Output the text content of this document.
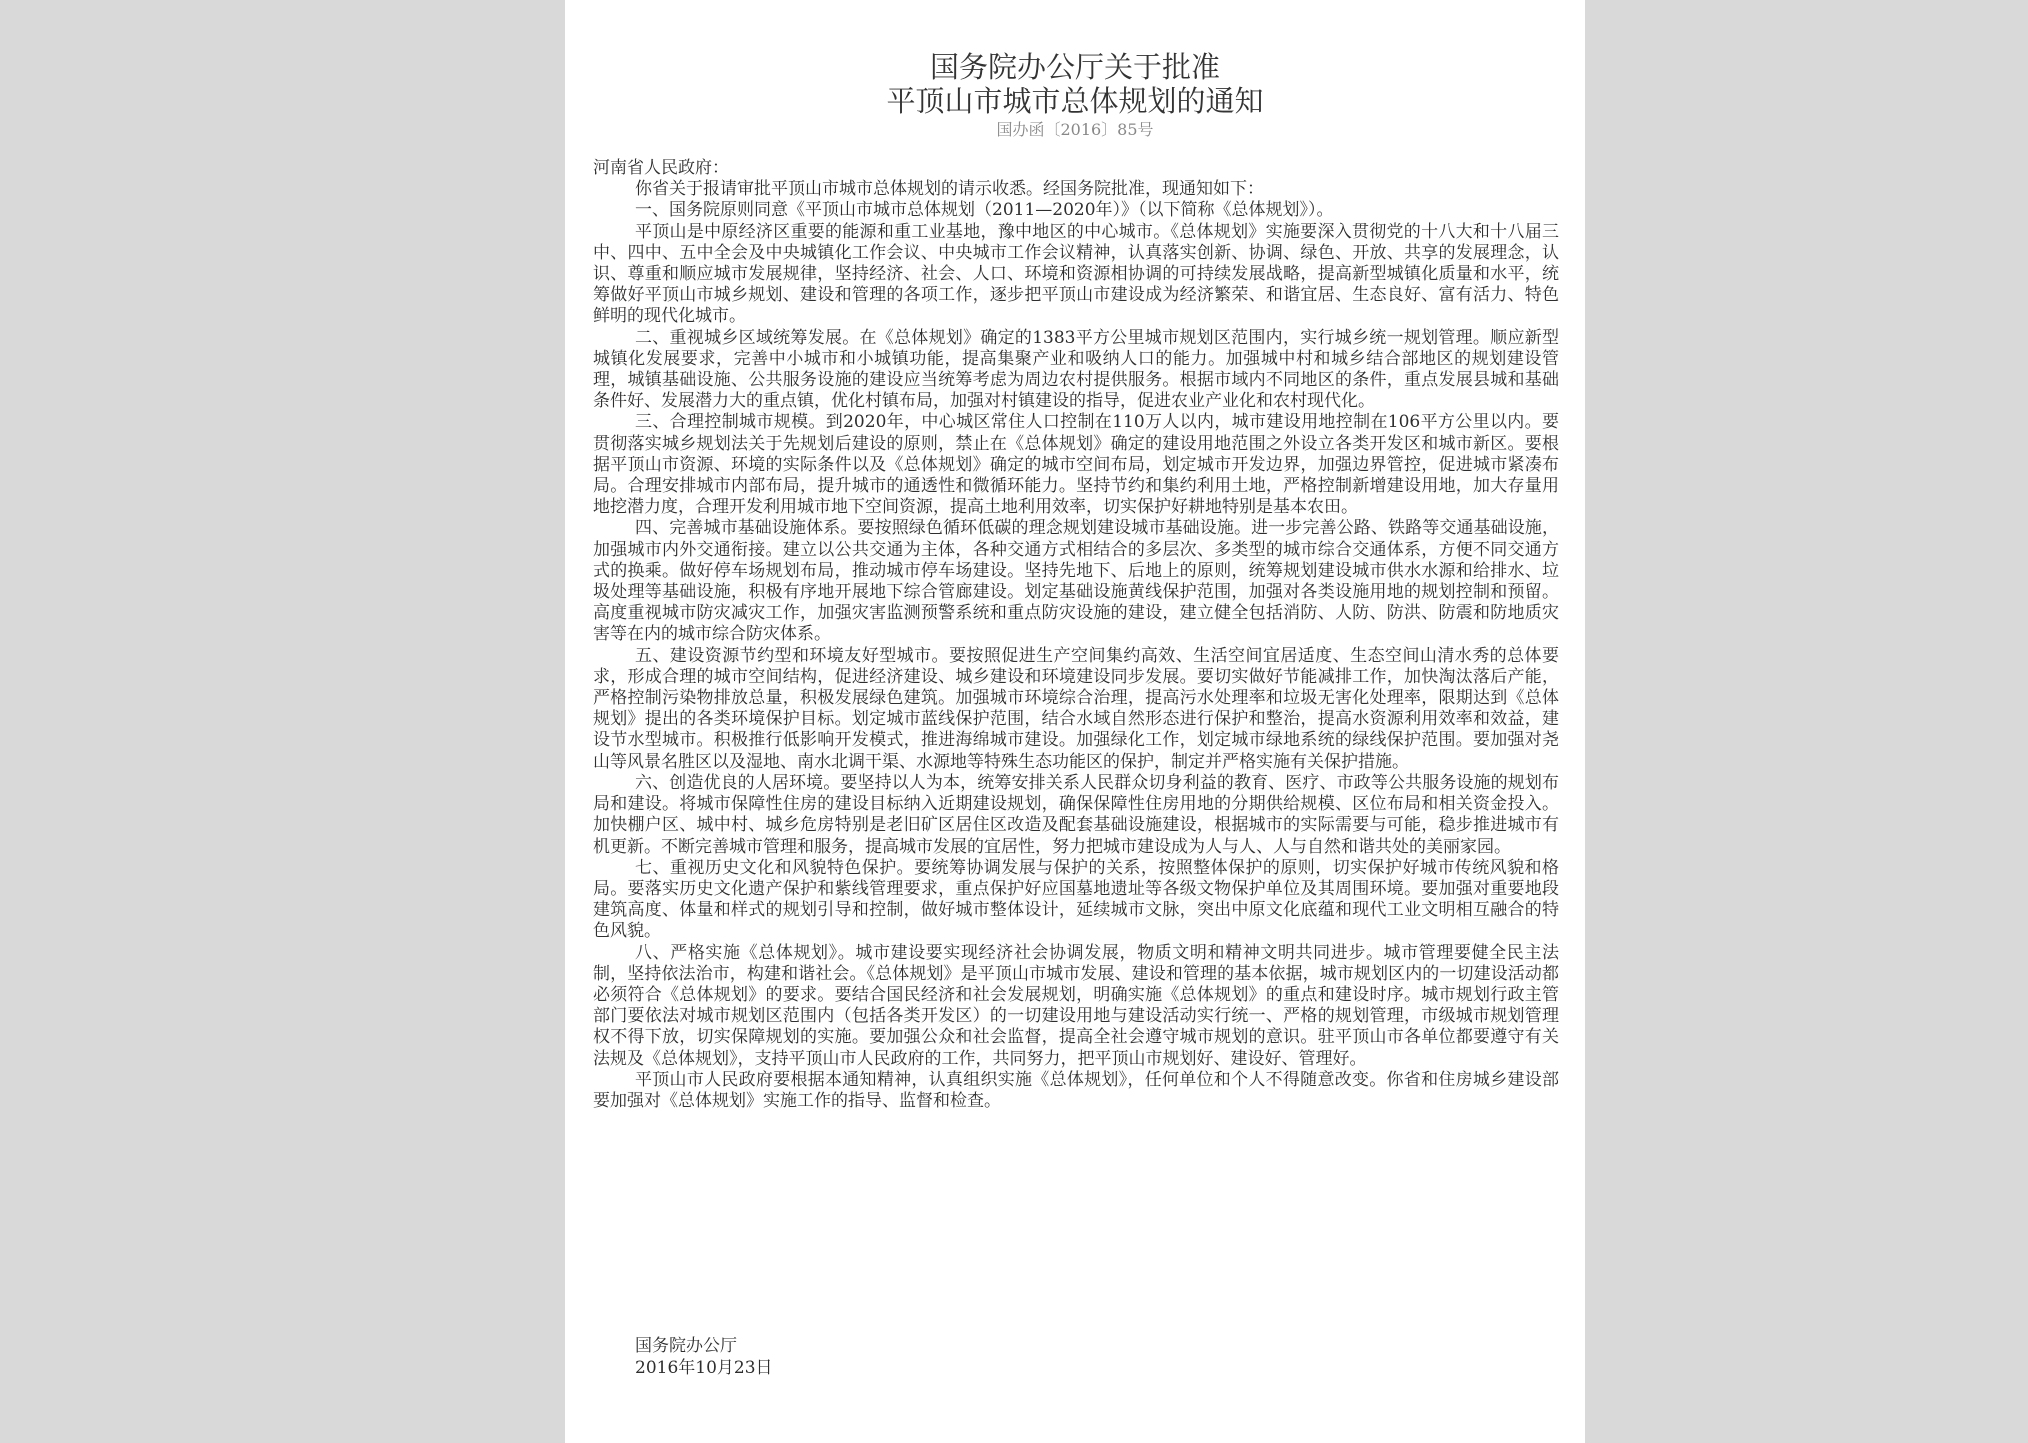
国务院办公厅关于批准
平顶山市城市总体规划的通知
国办函〔2016〕85号

河南省人民政府：

你省关于报请审批平顶山市城市总体规划的请示收悉。经国务院批准，现通知如下：

一、国务院原则同意《平顶山市城市总体规划（2011—2020年）》（以下简称《总体规划》）。

平顶山是中原经济区重要的能源和重工业基地，豫中地区的中心城市。《总体规划》实施要深入贯彻党的十八大和十八届三中、四中、五中全会及中央城镇化工作会议、中央城市工作会议精神，认真落实创新、协调、绿色、开放、共享的发展理念，认识、尊重和顺应城市发展规律，坚持经济、社会、人口、环境和资源相协调的可持续发展战略，提高新型城镇化质量和水平，统筹做好平顶山市城乡规划、建设和管理的各项工作，逐步把平顶山市建设成为经济繁荣、和谐宜居、生态良好、富有活力、特色鲜明的现代化城市。

二、重视城乡区域统筹发展。在《总体规划》确定的1383平方公里城市规划区范围内，实行城乡统一规划管理。顺应新型城镇化发展要求，完善中小城市和小城镇功能，提高集聚产业和吸纳人口的能力。加强城中村和城乡结合部地区的规划建设管理，城镇基础设施、公共服务设施的建设应当统筹考虑为周边农村提供服务。根据市域内不同地区的条件，重点发展县城和基础条件好、发展潜力大的重点镇，优化村镇布局，加强对村镇建设的指导，促进农业产业化和农村现代化。

三、合理控制城市规模。到2020年，中心城区常住人口控制在110万人以内，城市建设用地控制在106平方公里以内。要贯彻落实城乡规划法关于先规划后建设的原则，禁止在《总体规划》确定的建设用地范围之外设立各类开发区和城市新区。要根据平顶山市资源、环境的实际条件以及《总体规划》确定的城市空间布局，划定城市开发边界，加强边界管控，促进城市紧凑布局。合理安排城市内部布局，提升城市的通透性和微循环能力。坚持节约和集约利用土地，严格控制新增建设用地，加大存量用地挖潜力度，合理开发利用城市地下空间资源，提高土地利用效率，切实保护好耕地特别是基本农田。

四、完善城市基础设施体系。要按照绿色循环低碳的理念规划建设城市基础设施。进一步完善公路、铁路等交通基础设施，加强城市内外交通衔接。建立以公共交通为主体，各种交通方式相结合的多层次、多类型的城市综合交通体系，方便不同交通方式的换乘。做好停车场规划布局，推动城市停车场建设。坚持先地下、后地上的原则，统筹规划建设城市供水水源和给排水、垃圾处理等基础设施，积极有序地开展地下综合管廊建设。划定基础设施黄线保护范围，加强对各类设施用地的规划控制和预留。高度重视城市防灾减灾工作，加强灾害监测预警系统和重点防灾设施的建设，建立健全包括消防、人防、防洪、防震和防地质灾害等在内的城市综合防灾体系。

五、建设资源节约型和环境友好型城市。要按照促进生产空间集约高效、生活空间宜居适度、生态空间山清水秀的总体要求，形成合理的城市空间结构，促进经济建设、城乡建设和环境建设同步发展。要切实做好节能减排工作，加快淘汰落后产能，严格控制污染物排放总量，积极发展绿色建筑。加强城市环境综合治理，提高污水处理率和垃圾无害化处理率，限期达到《总体规划》提出的各类环境保护目标。划定城市蓝线保护范围，结合水域自然形态进行保护和整治，提高水资源利用效率和效益，建设节水型城市。积极推行低影响开发模式，推进海绵城市建设。加强绿化工作，划定城市绿地系统的绿线保护范围。要加强对尧山等风景名胜区以及湿地、南水北调干渠、水源地等特殊生态功能区的保护，制定并严格实施有关保护措施。

六、创造优良的人居环境。要坚持以人为本，统筹安排关系人民群众切身利益的教育、医疗、市政等公共服务设施的规划布局和建设。将城市保障性住房的建设目标纳入近期建设规划，确保保障性住房用地的分期供给规模、区位布局和相关资金投入。加快棚户区、城中村、城乡危房特别是老旧矿区居住区改造及配套基础设施建设，根据城市的实际需要与可能，稳步推进城市有机更新。不断完善城市管理和服务，提高城市发展的宜居性，努力把城市建设成为人与人、人与自然和谐共处的美丽家园。

七、重视历史文化和风貌特色保护。要统筹协调发展与保护的关系，按照整体保护的原则，切实保护好城市传统风貌和格局。要落实历史文化遗产保护和紫线管理要求，重点保护好应国墓地遗址等各级文物保护单位及其周围环境。要加强对重要地段建筑高度、体量和样式的规划引导和控制，做好城市整体设计，延续城市文脉，突出中原文化底蕴和现代工业文明相互融合的特色风貌。

八、严格实施《总体规划》。城市建设要实现经济社会协调发展，物质文明和精神文明共同进步。城市管理要健全民主法制，坚持依法治市，构建和谐社会。《总体规划》是平顶山市城市发展、建设和管理的基本依据，城市规划区内的一切建设活动都必须符合《总体规划》的要求。要结合国民经济和社会发展规划，明确实施《总体规划》的重点和建设时序。城市规划行政主管部门要依法对城市规划区范围内（包括各类开发区）的一切建设用地与建设活动实行统一、严格的规划管理，市级城市规划管理权不得下放，切实保障规划的实施。要加强公众和社会监督，提高全社会遵守城市规划的意识。驻平顶山市各单位都要遵守有关法规及《总体规划》，支持平顶山市人民政府的工作，共同努力，把平顶山市规划好、建设好、管理好。

平顶山市人民政府要根据本通知精神，认真组织实施《总体规划》，任何单位和个人不得随意改变。你省和住房城乡建设部要加强对《总体规划》实施工作的指导、监督和检查。

国务院办公厅
2016年10月23日
